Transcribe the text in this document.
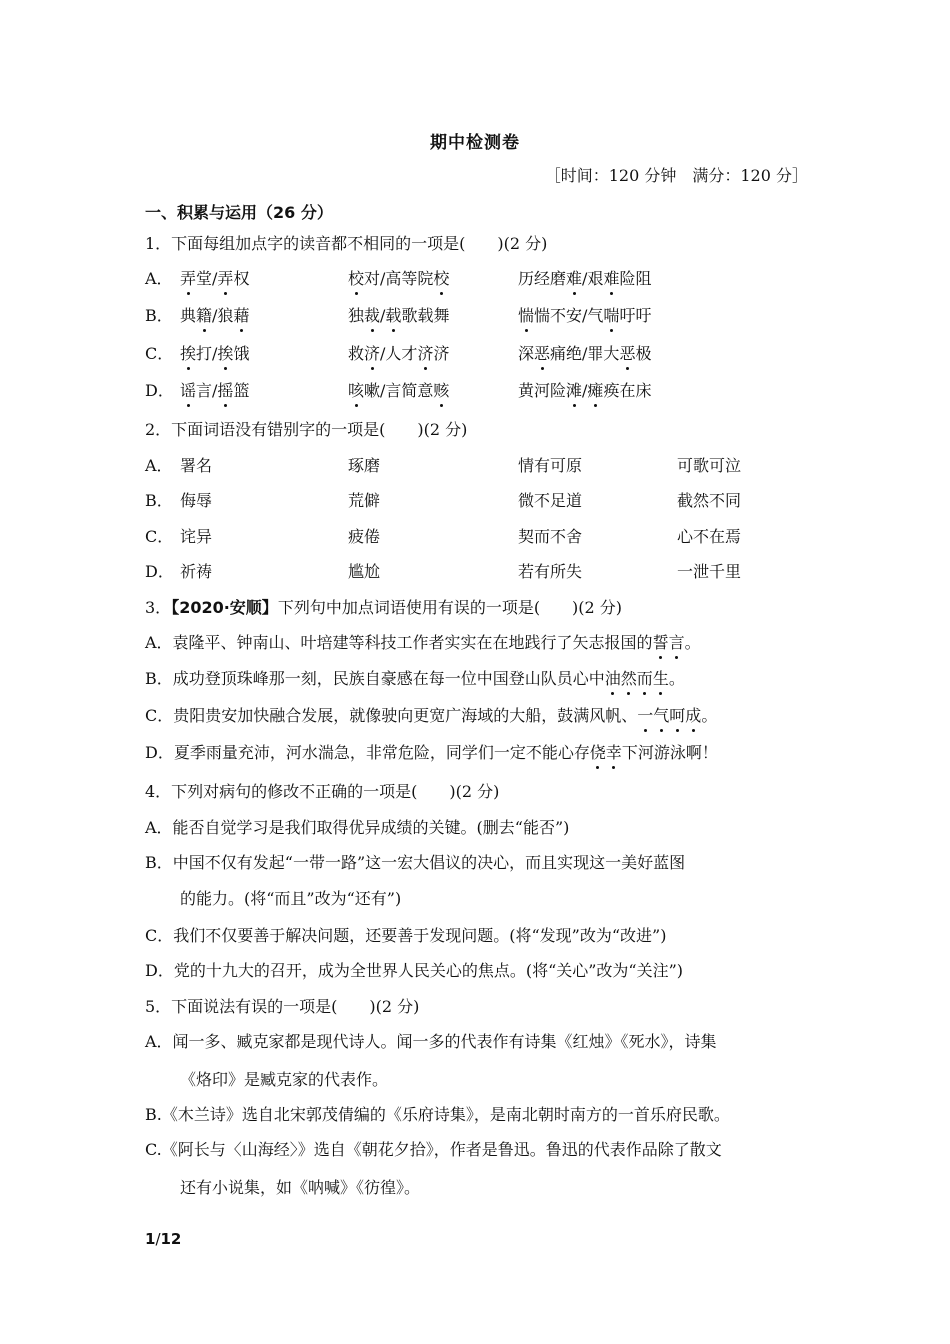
期中检测卷
［时间：120 分钟　满分：120 分］
一、积累与运用（26 分）
1．下面每组加点字的读音都不相同的一项是(　　)(2 分)
A． 弄堂/弄权	校对/高等院校	历经磨难/艰难险阻
B． 典籍/狼藉	独裁/载歌载舞	惴惴不安/气喘吁吁
C． 挨打/挨饿	救济/人才济济	深恶痛绝/罪大恶极
D． 谣言/摇篮	咳嗽/言简意赅	黄河险滩/瘫痪在床
2．下面词语没有错别字的一项是(　　)(2 分)
A． 署名	琢磨	情有可原	可歌可泣
B． 侮辱	荒僻	微不足道	截然不同
C． 诧异	疲倦	契而不舍	心不在焉
D． 祈祷	尴尬	若有所失	一泄千里
3．【2020·安顺】下列句中加点词语使用有误的一项是(　　)(2 分)
A．袁隆平、钟南山、叶培建等科技工作者实实在在地践行了矢志报国的誓言。
B．成功登顶珠峰那一刻，民族自豪感在每一位中国登山队员心中油然而生。
C．贵阳贵安加快融合发展，就像驶向更宽广海域的大船，鼓满风帆、一气呵成。
D．夏季雨量充沛，河水湍急，非常危险，同学们一定不能心存侥幸下河游泳啊！
4．下列对病句的修改不正确的一项是(　　)(2 分)
A．能否自觉学习是我们取得优异成绩的关键。(删去“能否”)
B．中国不仅有发起“一带一路”这一宏大倡议的决心，而且实现这一美好蓝图
的能力。(将“而且”改为“还有”)
C．我们不仅要善于解决问题，还要善于发现问题。(将“发现”改为“改进”)
D．党的十九大的召开，成为全世界人民关心的焦点。(将“关心”改为“关注”)
5．下面说法有误的一项是(　　)(2 分)
A．闻一多、臧克家都是现代诗人。闻一多的代表作有诗集《红烛》《死水》，诗集
《烙印》是臧克家的代表作。
B.《木兰诗》选自北宋郭茂倩编的《乐府诗集》，是南北朝时南方的一首乐府民歌。
C.《阿长与〈山海经〉》选自《朝花夕拾》，作者是鲁迅。鲁迅的代表作品除了散文
还有小说集，如《呐喊》《彷徨》。
1/12
